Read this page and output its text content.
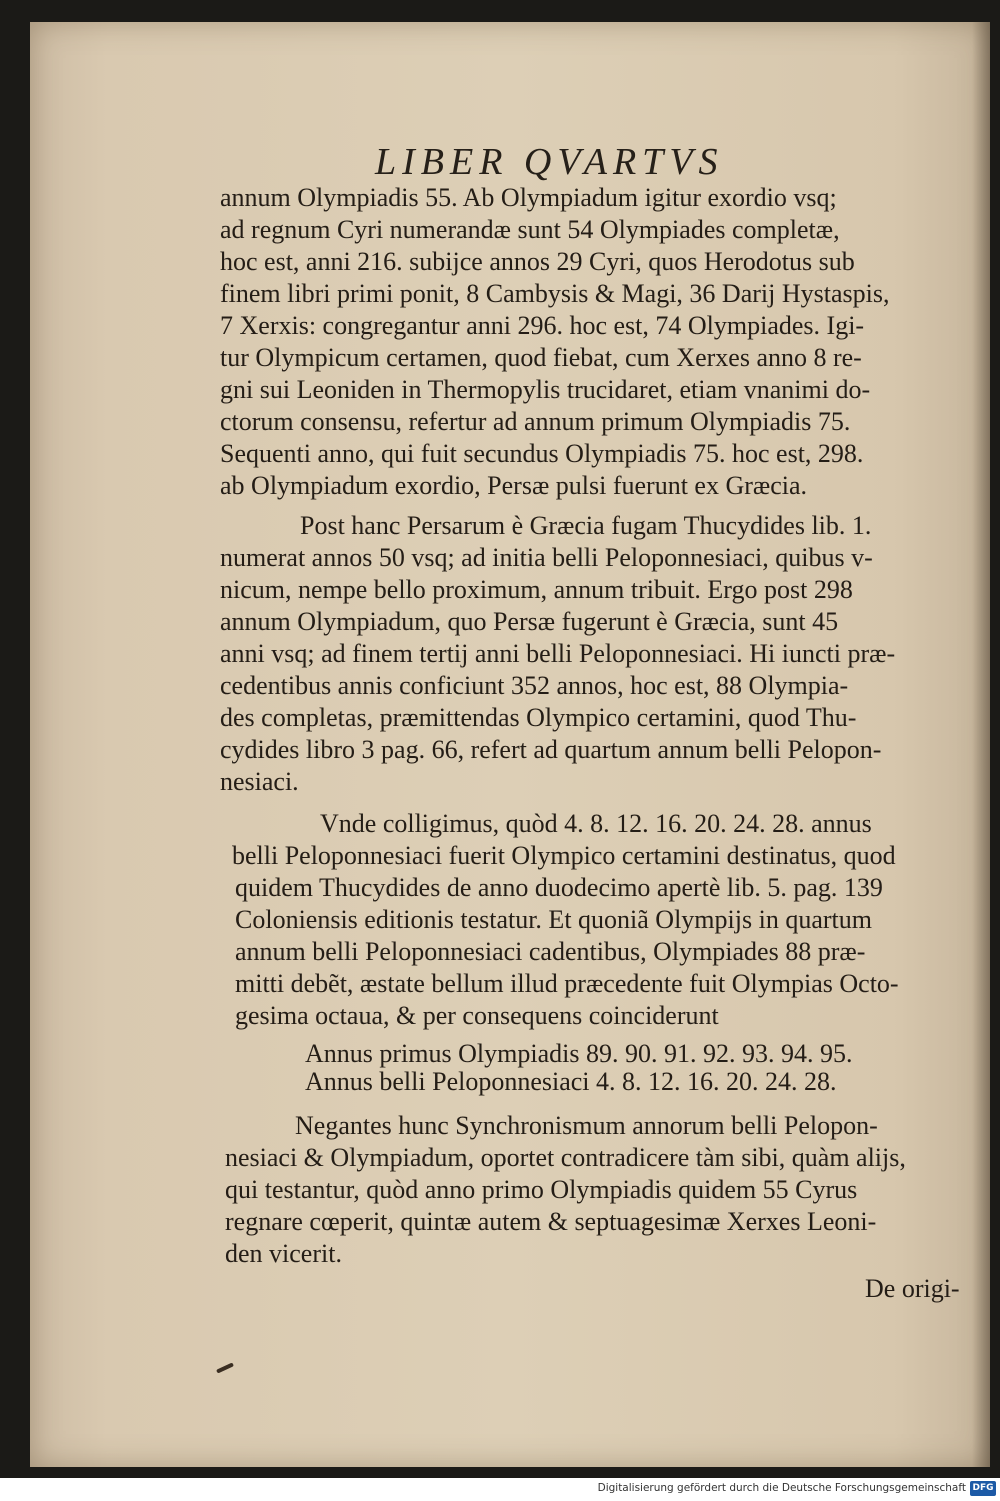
LIBER QVARTVS
annum Olympiadis 55. Ab Olympiadum igitur exordio vsq;
ad regnum Cyri numerandæ sunt 54 Olympiades completæ,
hoc est, anni 216. subijce annos 29 Cyri, quos Herodotus sub
finem libri primi ponit, 8 Cambysis & Magi, 36 Darij Hystaspis,
7 Xerxis: congregantur anni 296. hoc est, 74 Olympiades. Igi-
tur Olympicum certamen, quod fiebat, cum Xerxes anno 8 re-
gni sui Leoniden in Thermopylis trucidaret, etiam vnanimi do-
ctorum consensu, refertur ad annum primum Olympiadis 75.
Sequenti anno, qui fuit secundus Olympiadis 75. hoc est, 298.
ab Olympiadum exordio, Persæ pulsi fuerunt ex Græcia.
Post hanc Persarum è Græcia fugam Thucydides lib. 1.
numerat annos 50 vsq; ad initia belli Peloponnesiaci, quibus v-
nicum, nempe bello proximum, annum tribuit. Ergo post 298
annum Olympiadum, quo Persæ fugerunt è Græcia, sunt 45
anni vsq; ad finem tertij anni belli Peloponnesiaci. Hi iuncti præ-
cedentibus annis conficiunt 352 annos, hoc est, 88 Olympia-
des completas, præmittendas Olympico certamini, quod Thu-
cydides libro 3 pag. 66, refert ad quartum annum belli Pelopon-
nesiaci.
Vnde colligimus, quòd 4. 8. 12. 16. 20. 24. 28. annus
belli Peloponnesiaci fuerit Olympico certamini destinatus, quod
quidem Thucydides de anno duodecimo apertè lib. 5. pag. 139
Coloniensis editionis testatur. Et quoniã Olympijs in quartum
annum belli Peloponnesiaci cadentibus, Olympiades 88 præ-
mitti debẽt, æstate bellum illud præcedente fuit Olympias Octo-
gesima octaua, & per consequens coinciderunt
Annus primus Olympiadis 89. 90. 91. 92. 93. 94. 95.
Annus belli Peloponnesiaci 4. 8. 12. 16. 20. 24. 28.
Negantes hunc Synchronismum annorum belli Pelopon-
nesiaci & Olympiadum, oportet contradicere tàm sibi, quàm alijs,
qui testantur, quòd anno primo Olympiadis quidem 55 Cyrus
regnare cœperit, quintæ autem & septuagesimæ Xerxes Leoni-
den vicerit.
De origi-
Digitalisierung gefördert durch die Deutsche Forschungsgemeinschaft DFG
